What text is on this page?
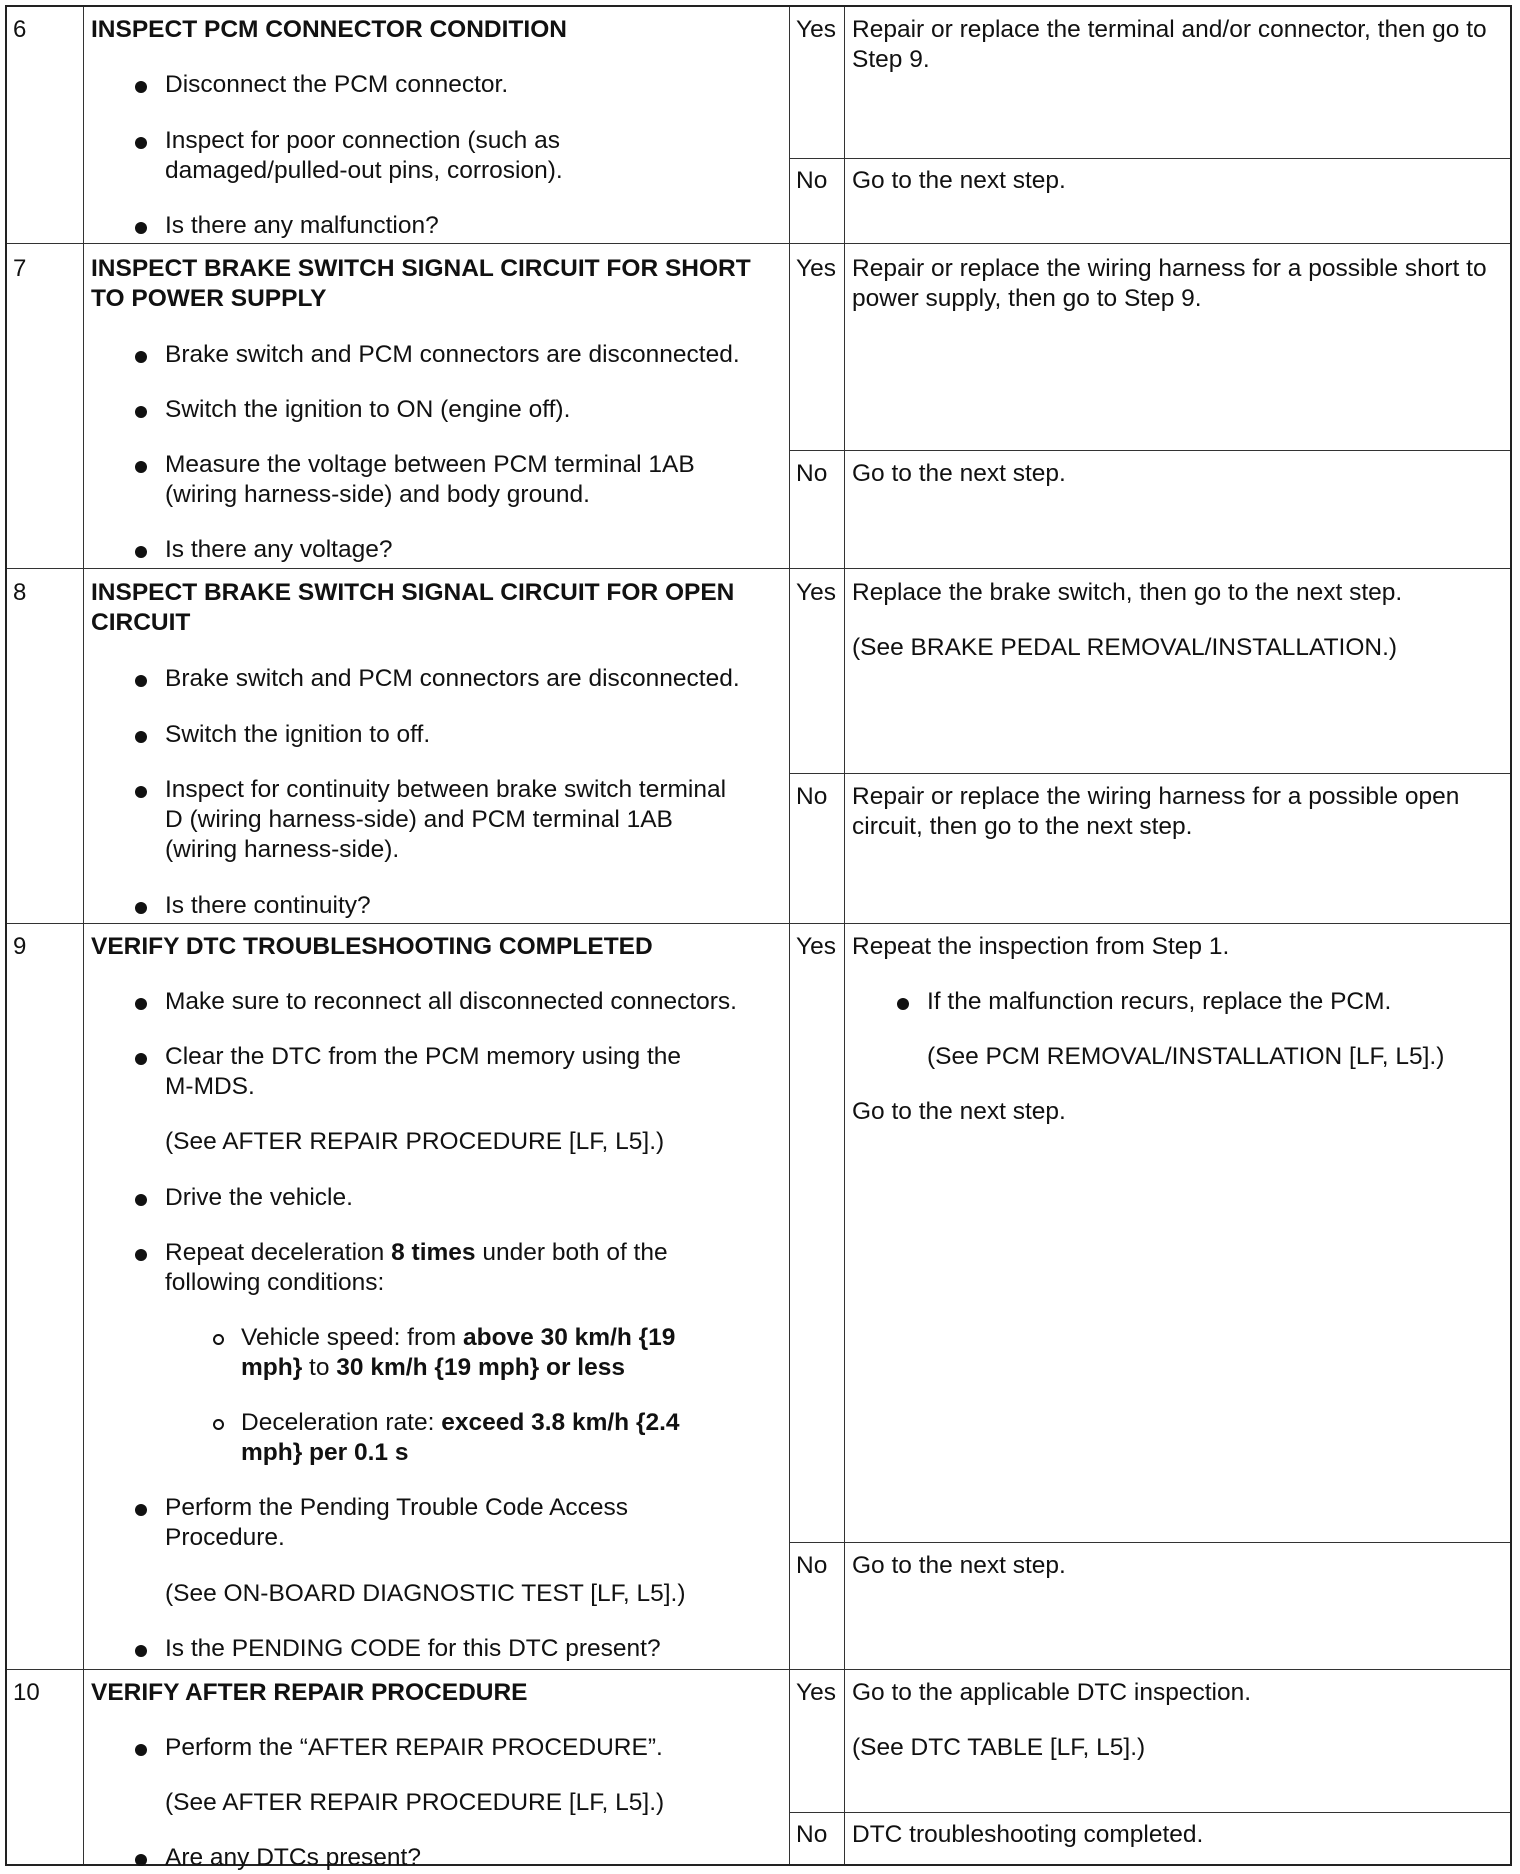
6	INSPECT PCM CONNECTOR CONDITION
Disconnect the PCM connector.
Inspect for poor connection (such as
damaged/pulled-out pins, corrosion).
Is there any malfunction?
Yes Repair or replace the terminal and/or connector, then go to
Step 9.
No Go to the next step.
7	INSPECT BRAKE SWITCH SIGNAL CIRCUIT FOR SHORT
TO POWER SUPPLY
Brake switch and PCM connectors are disconnected.
Switch the ignition to ON (engine off).
Measure the voltage between PCM terminal 1AB
(wiring harness-side) and body ground.
Is there any voltage?
Yes Repair or replace the wiring harness for a possible short to
power supply, then go to Step 9.
No Go to the next step.
8	INSPECT BRAKE SWITCH SIGNAL CIRCUIT FOR OPEN
CIRCUIT
Brake switch and PCM connectors are disconnected.
Switch the ignition to off.
Inspect for continuity between brake switch terminal
D (wiring harness-side) and PCM terminal 1AB
(wiring harness-side).
Is there continuity?
Yes Replace the brake switch, then go to the next step.
(See BRAKE PEDAL REMOVAL/INSTALLATION.)
No Repair or replace the wiring harness for a possible open
circuit, then go to the next step.
9	VERIFY DTC TROUBLESHOOTING COMPLETED
Make sure to reconnect all disconnected connectors.
Clear the DTC from the PCM memory using the
M-MDS.
(See AFTER REPAIR PROCEDURE [LF, L5].)
Drive the vehicle.
Repeat deceleration 8 times under both of the
following conditions:
Vehicle speed: from above 30 km/h {19
mph} to 30 km/h {19 mph} or less
Deceleration rate: exceed 3.8 km/h {2.4
mph} per 0.1 s
Perform the Pending Trouble Code Access
Procedure.
(See ON-BOARD DIAGNOSTIC TEST [LF, L5].)
Is the PENDING CODE for this DTC present?
Yes Repeat the inspection from Step 1.
If the malfunction recurs, replace the PCM.
(See PCM REMOVAL/INSTALLATION [LF, L5].)
Go to the next step.
No Go to the next step.
10 VERIFY AFTER REPAIR PROCEDURE
Perform the “AFTER REPAIR PROCEDURE”.
(See AFTER REPAIR PROCEDURE [LF, L5].)
Are any DTCs present?
Yes Go to the applicable DTC inspection.
(See DTC TABLE [LF, L5].)
No DTC troubleshooting completed.
